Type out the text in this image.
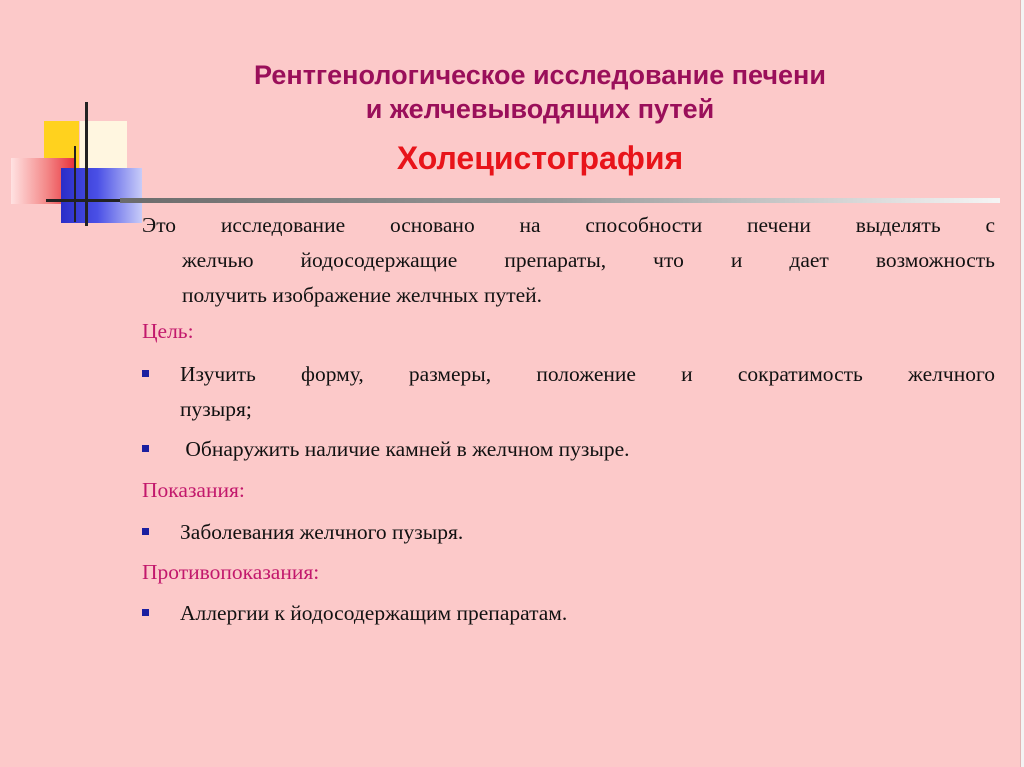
Рентгенологическое исследование печени
и желчевыводящих путей
Холецистография
Это исследование основано на способности печени выделять с
желчью йодосодержащие препараты, что и дает возможность
получить изображение желчных путей.
Цель:
Изучить форму, размеры, положение и сократимость желчного
пузыря;
Обнаружить наличие камней в желчном пузыре.
Показания:
Заболевания желчного пузыря.
Противопоказания:
Аллергии к йодосодержащим препаратам.
